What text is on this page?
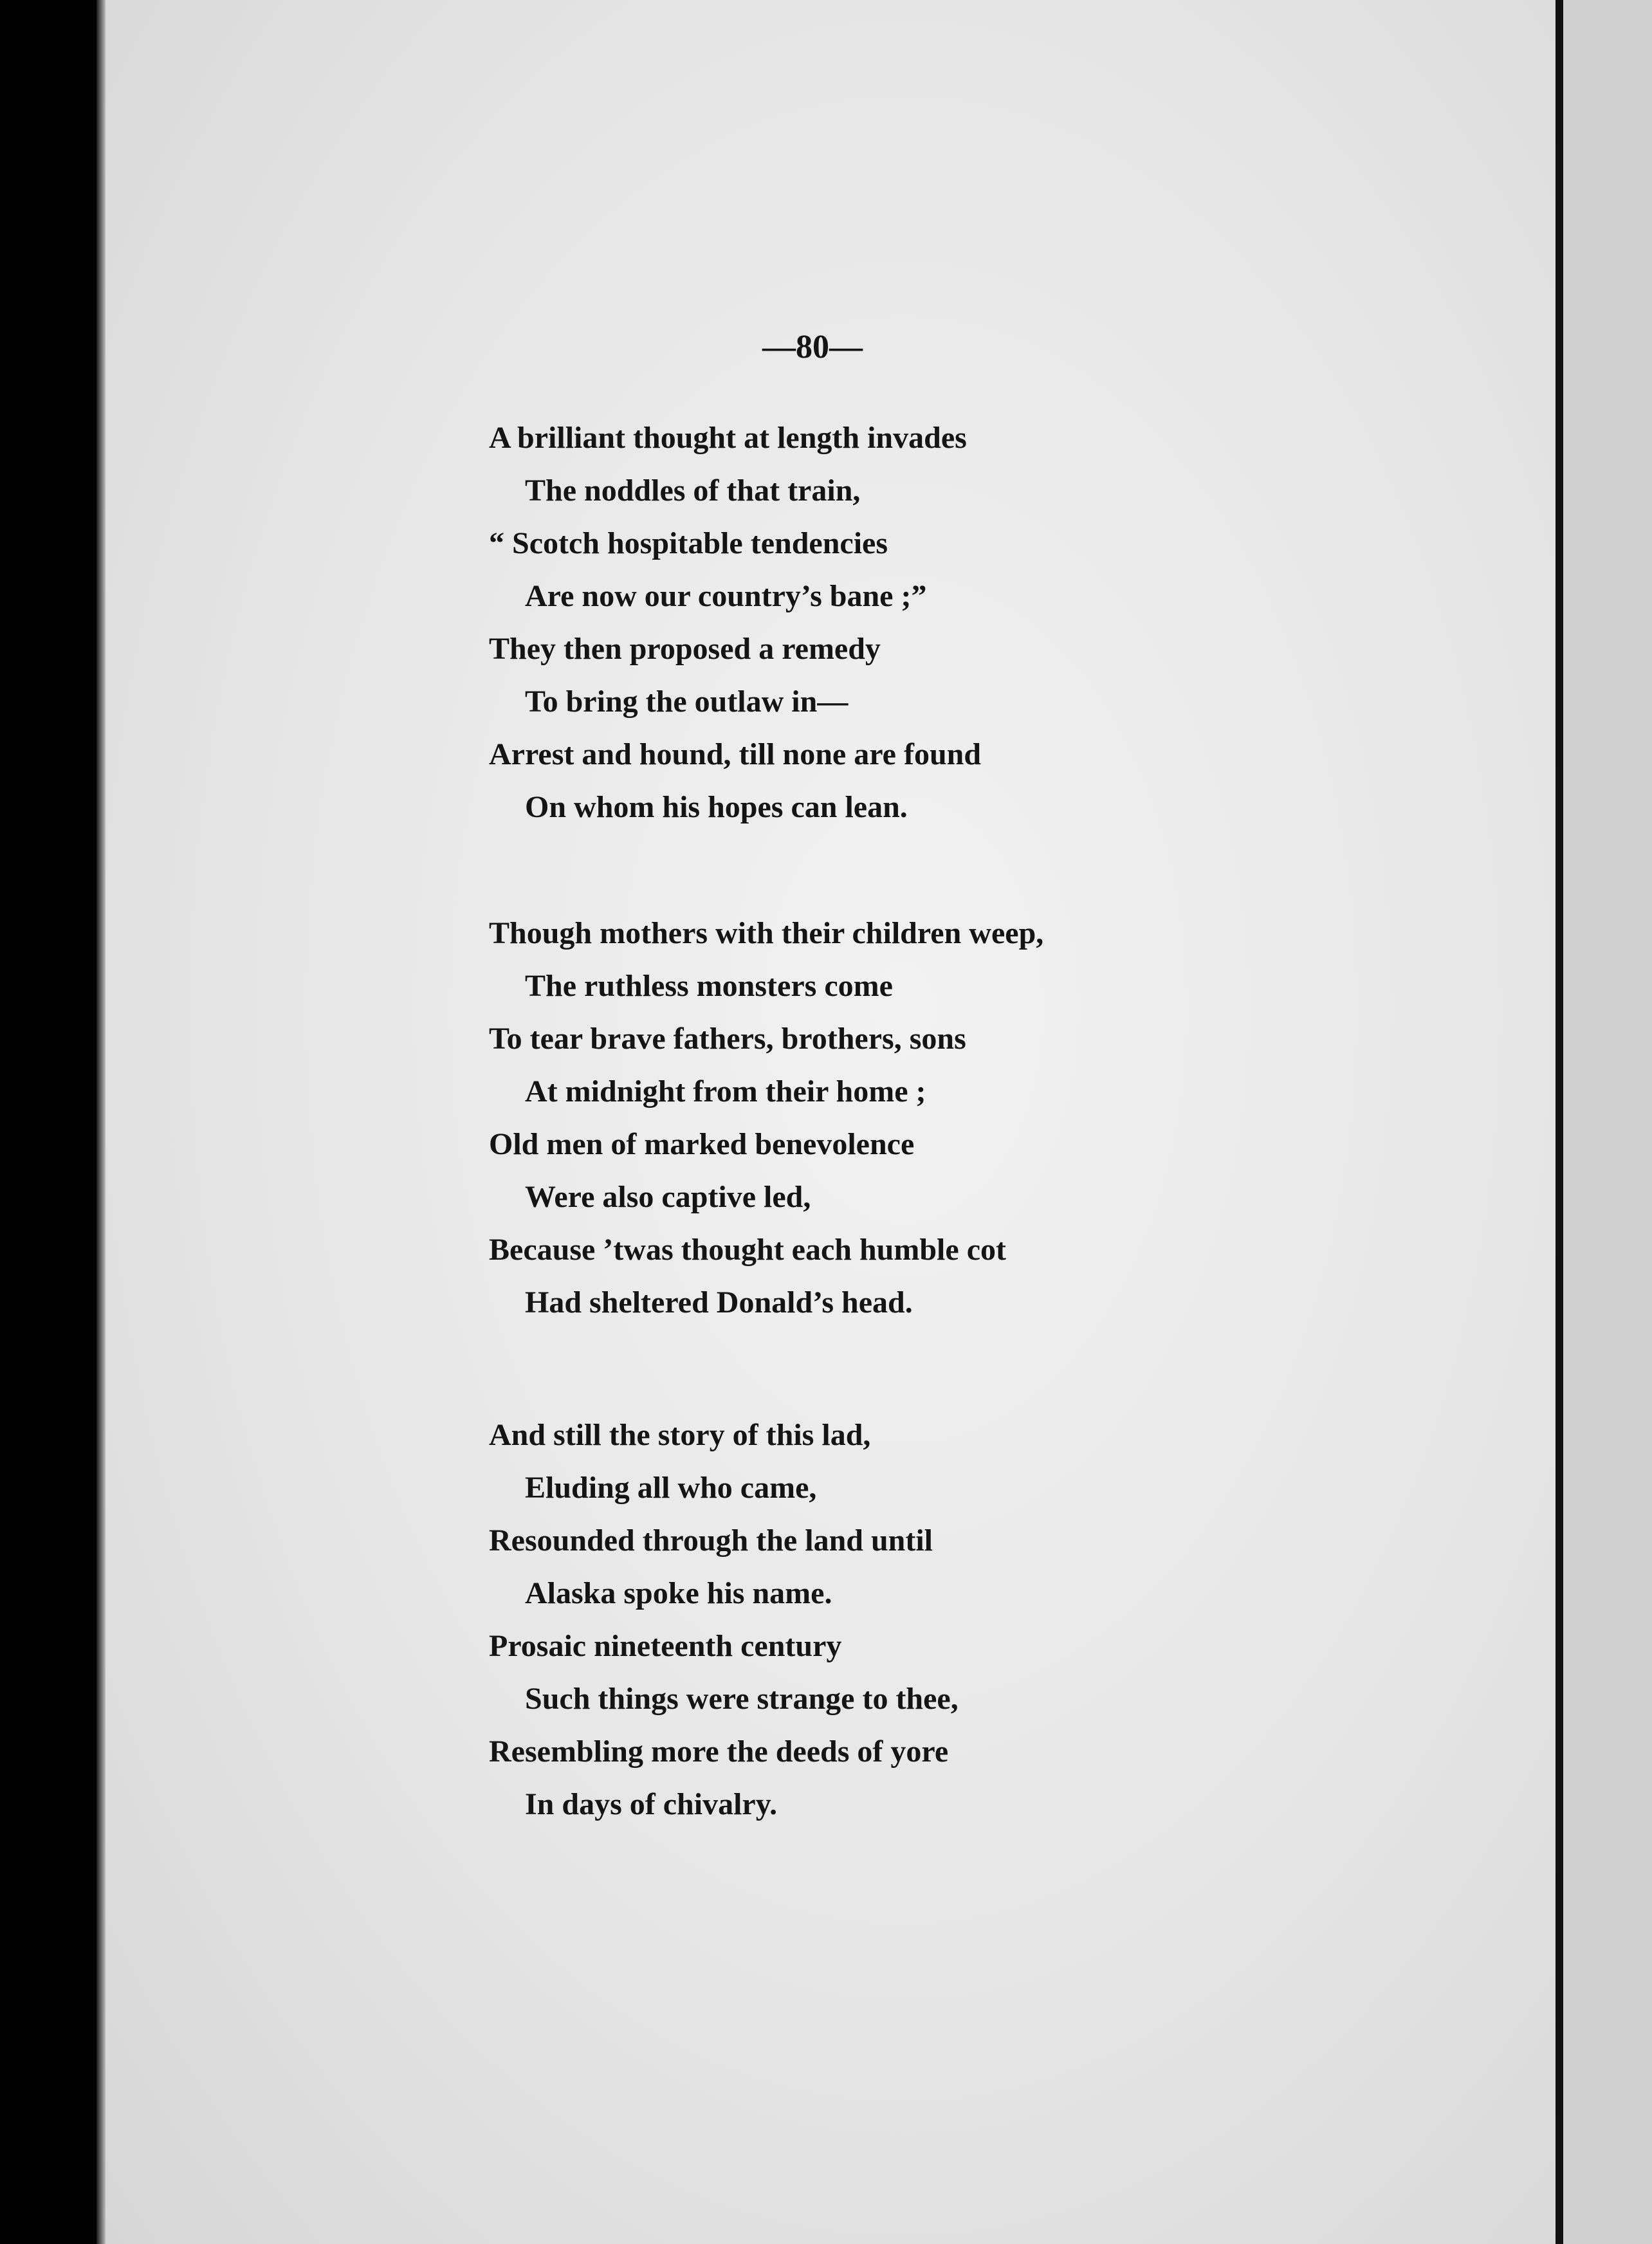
—80—
A brilliant thought at length invades
The noddles of that train,
“ Scotch hospitable tendencies
Are now our country’s bane ;”
They then proposed a remedy
To bring the outlaw in—
Arrest and hound, till none are found
On whom his hopes can lean.
Though mothers with their children weep,
The ruthless monsters come
To tear brave fathers, brothers, sons
At midnight from their home ;
Old men of marked benevolence
Were also captive led,
Because ’twas thought each humble cot
Had sheltered Donald’s head.
And still the story of this lad,
Eluding all who came,
Resounded through the land until
Alaska spoke his name.
Prosaic nineteenth century
Such things were strange to thee,
Resembling more the deeds of yore
In days of chivalry.
